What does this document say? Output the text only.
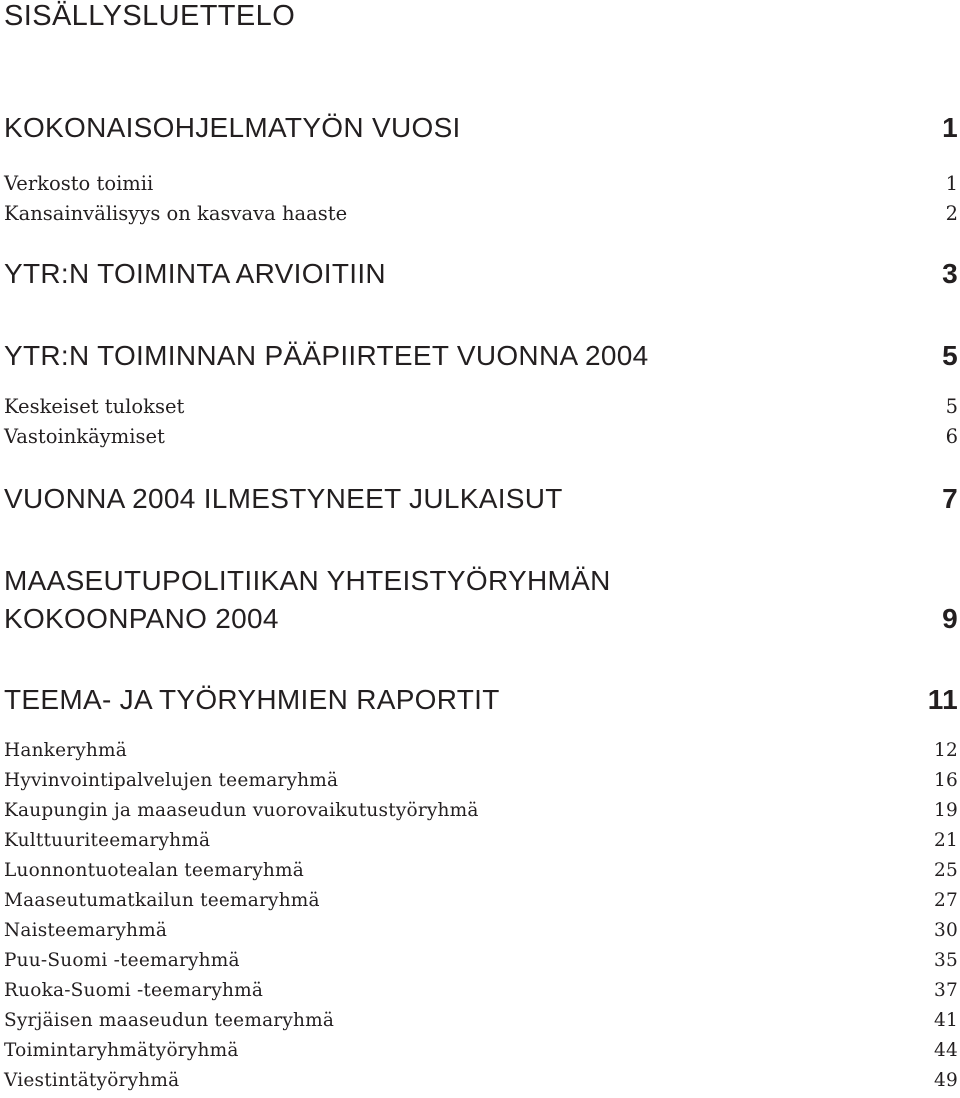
SISÄLLYSLUETTELO
KOKONAISOHJELMATYÖN VUOSI	1
Verkosto toimii	1
Kansainvälisyys on kasvava haaste	2
YTR:N TOIMINTA ARVIOITIIN	3
YTR:N TOIMINNAN PÄÄPIIRTEET VUONNA 2004	5
Keskeiset tulokset	5
Vastoinkäymiset	6
VUONNA 2004 ILMESTYNEET JULKAISUT	7
MAASEUTUPOLITIIKAN YHTEISTYÖRYHMÄN
KOKOONPANO 2004	9
TEEMA- JA TYÖRYHMIEN RAPORTIT	11
Hankeryhmä	12
Hyvinvointipalvelujen teemaryhmä	16
Kaupungin ja maaseudun vuorovaikutustyöryhmä	19
Kulttuuriteemaryhmä	21
Luonnontuotealan teemaryhmä	25
Maaseutumatkailun teemaryhmä	27
Naisteemaryhmä	30
Puu-Suomi -teemaryhmä	35
Ruoka-Suomi -teemaryhmä	37
Syrjäisen maaseudun teemaryhmä	41
Toimintaryhmätyöryhmä	44
Viestintätyöryhmä	49
